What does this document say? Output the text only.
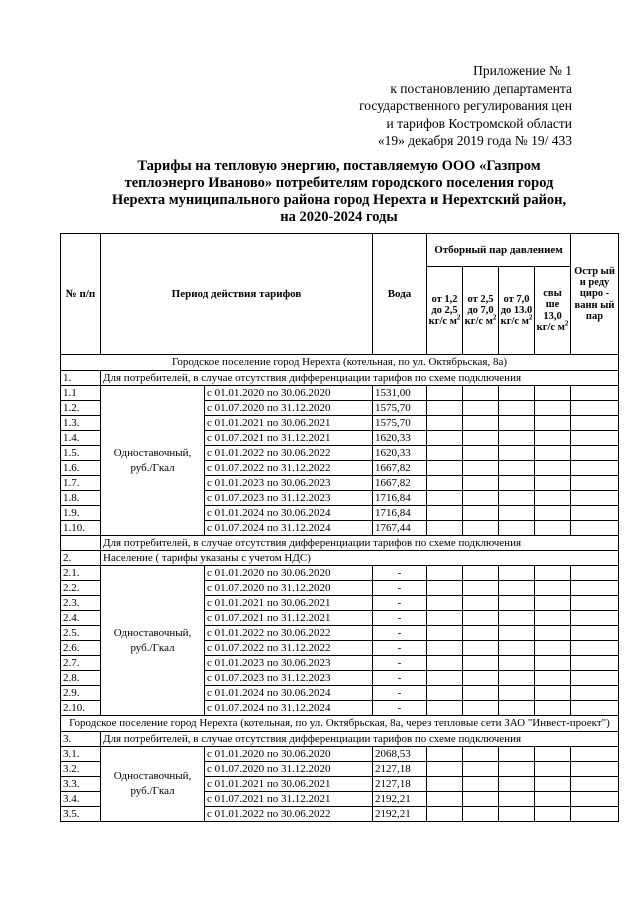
Приложение № 1
к постановлению департамента
государственного регулирования цен
и тарифов Костромской области
«19» декабря 2019 года № 19/ 433
Тарифы на тепловую энергию, поставляемую ООО «Газпром
теплоэнерго Иваново» потребителям городского поселения город
Нерехта муниципального района город Нерехта и Нерехтский район,
на 2020-2024 годы
№ п/п	Период действия тарифов		Вода	Отборный пар давлением				Остр ый и реду циро - ванн ый пар
				от 1,2 до 2,5 кг/с $м^2$	от 2,5 до 7,0 кг/с $м^2$	от 7,0 до 13.0 кг/с $м^2$	свы ше 13,0 кг/с $м^2$
Городское поселение город Нерехта (котельная, по ул. Октябрьская, 8а)								
1.	Для потребителей, в случае отсутствия дифференциации тарифов по схеме подключения							
1.1	Одноставочный, руб./Гкал	с 01.01.2020 по 30.06.2020	1531,00					
1.2.		с 01.07.2020 по 31.12.2020	1575,70					
1.3.		с 01.01.2021 по 30.06.2021	1575,70					
1.4.		с 01.07.2021 по 31.12.2021	1620,33					
1.5.		с 01.01.2022 по 30.06.2022	1620,33					
1.6.		с 01.07.2022 по 31.12.2022	1667,82					
1.7.		с 01.01.2023 по 30.06.2023	1667,82					
1.8.		с 01.07.2023 по 31.12.2023	1716,84					
1.9.		с 01.01.2024 по 30.06.2024	1716,84					
1.10.		с 01.07.2024 по 31.12.2024	1767,44					
	Для потребителей, в случае отсутствия дифференциации тарифов по схеме подключения							
2.	Население ( тарифы указаны с учетом НДС)							
2.1.	Одноставочный, руб./Гкал	с 01.01.2020 по 30.06.2020	-					
2.2.		с 01.07.2020 по 31.12.2020	-					
2.3.		с 01.01.2021 по 30.06.2021	-					
2.4.		с 01.07.2021 по 31.12.2021	-					
2.5.		с 01.01.2022 по 30.06.2022	-					
2.6.		с 01.07.2022 по 31.12.2022	-					
2.7.		с 01.01.2023 по 30.06.2023	-					
2.8.		с 01.07.2023 по 31.12.2023	-					
2.9.		с 01.01.2024 по 30.06.2024	-					
2.10.		с 01.07.2024 по 31.12.2024	-					
Городское поселение город Нерехта (котельная, по ул. Октябрьская, 8а, через тепловые сети ЗАО "Инвест-проект")								
3.	Для потребителей, в случае отсутствия дифференциации тарифов по схеме подключения							
3.1.	Одноставочный, руб./Гкал	с 01.01.2020 по 30.06.2020	2068,53					
3.2.		с 01.07.2020 по 31.12.2020	2127,18					
3.3.		с 01.01.2021 по 30.06.2021	2127,18					
3.4.		с 01.07.2021 по 31.12.2021	2192,21					
3.5.		с 01.01.2022 по 30.06.2022	2192,21					
